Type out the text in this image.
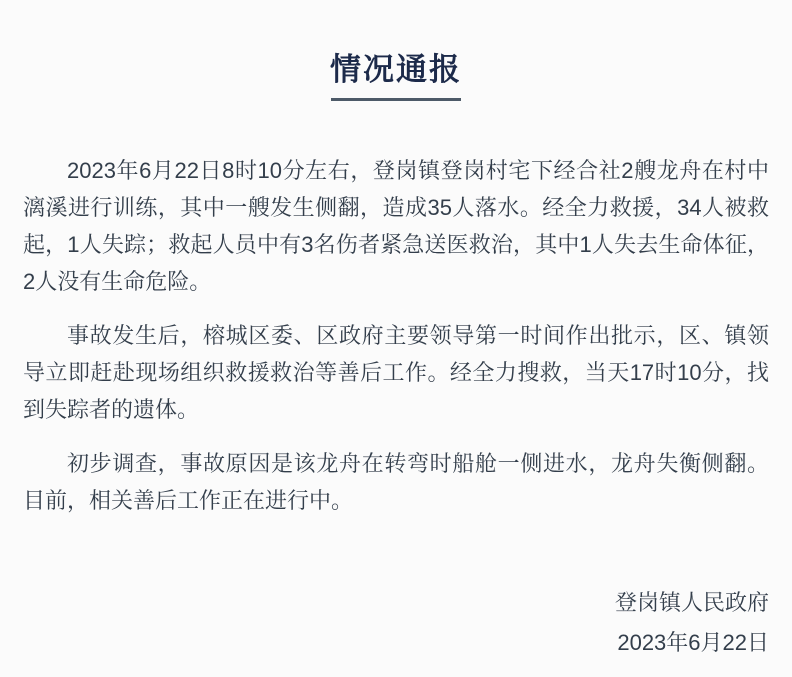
情况通报

2023年6月22日8时10分左右，登岗镇登岗村宅下经合社2艘龙舟在村中漓溪进行训练，其中一艘发生侧翻，造成35人落水。经全力救援，34人被救起，1人失踪；救起人员中有3名伤者紧急送医救治，其中1人失去生命体征，2人没有生命危险。

事故发生后，榕城区委、区政府主要领导第一时间作出批示，区、镇领导立即赶赴现场组织救援救治等善后工作。经全力搜救，当天17时10分，找到失踪者的遗体。

初步调查，事故原因是该龙舟在转弯时船舱一侧进水，龙舟失衡侧翻。目前，相关善后工作正在进行中。

登岗镇人民政府
2023年6月22日
